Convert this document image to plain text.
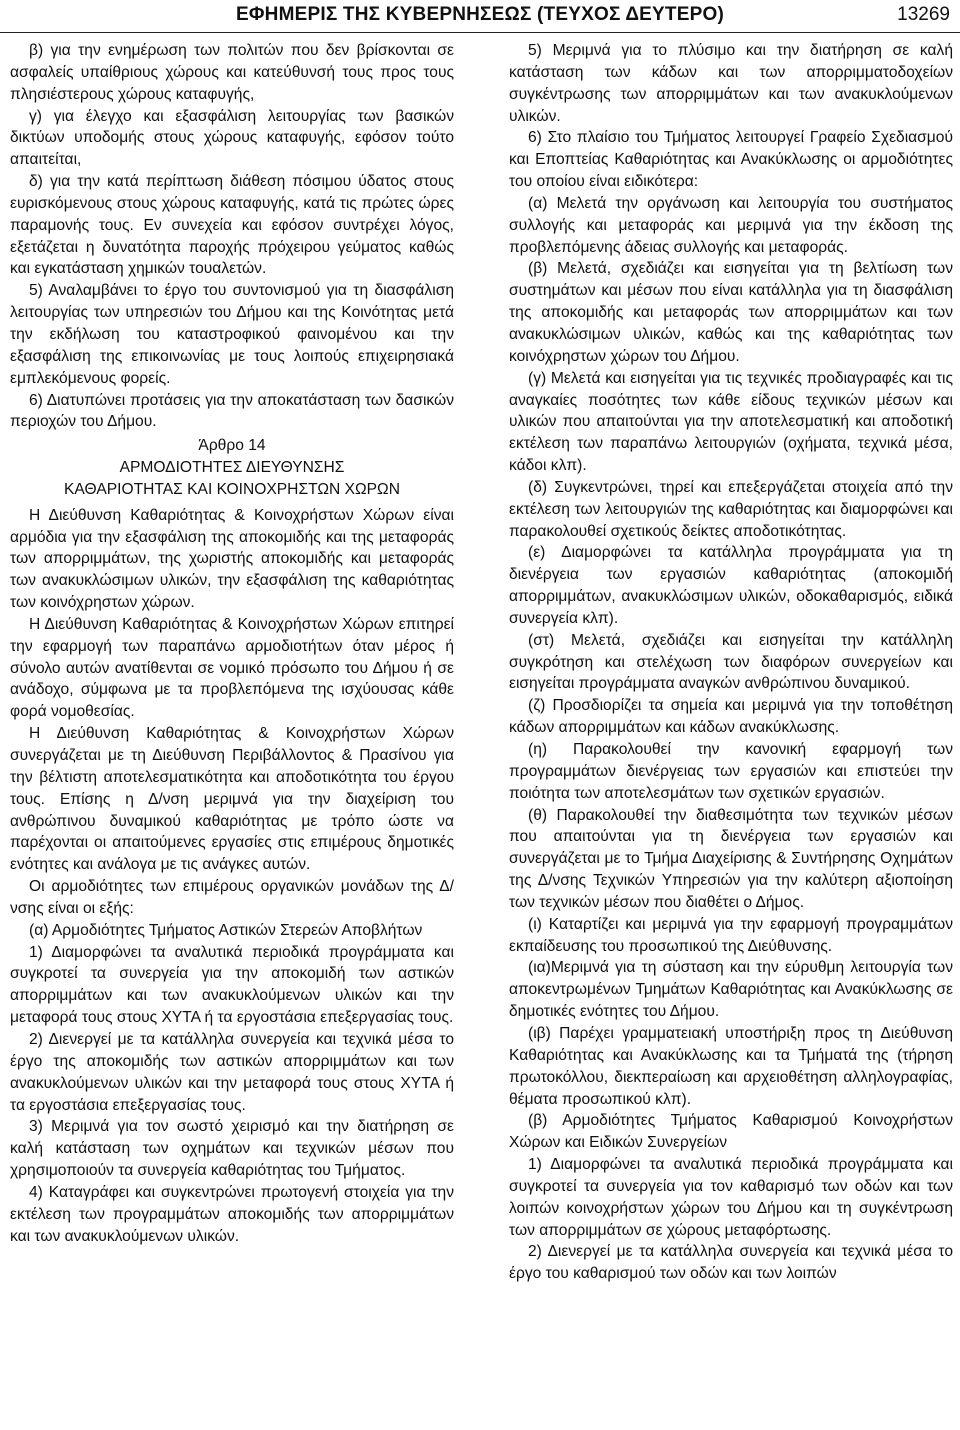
ΕΦΗΜΕΡΙΣ ΤΗΣ ΚΥΒΕΡΝΗΣΕΩΣ (ΤΕΥΧΟΣ ΔΕΥΤΕΡΟ)	13269

β) για την ενημέρωση των πολιτών που δεν βρίσκονται σε ασφαλείς υπαίθριους χώρους και κατεύθυνσή τους προς τους πλησιέστερους χώρους καταφυγής,

γ) για έλεγχο και εξασφάλιση λειτουργίας των βασικών δικτύων υποδομής στους χώρους καταφυγής, εφόσον τούτο απαιτείται,

δ) για την κατά περίπτωση διάθεση πόσιμου ύδατος στους ευρισκόμενους στους χώρους καταφυγής, κατά τις πρώτες ώρες παραμονής τους. Εν συνεχεία και εφόσον συντρέχει λόγος, εξετάζεται η δυνατότητα παροχής πρόχειρου γεύματος καθώς και εγκατάσταση χημικών τουαλετών.

5) Αναλαμβάνει το έργο του συντονισμού για τη διασφάλιση λειτουργίας των υπηρεσιών του Δήμου και της Κοινότητας μετά την εκδήλωση του καταστροφικού φαινομένου και την εξασφάλιση της επικοινωνίας με τους λοιπούς επιχειρησιακά εμπλεκόμενους φορείς.

6) Διατυπώνει προτάσεις για την αποκατάσταση των δασικών περιοχών του Δήμου.

Άρθρο 14
ΑΡΜΟΔΙΟΤΗΤΕΣ ΔΙΕΥΘΥΝΣΗΣ
ΚΑΘΑΡΙΟΤΗΤΑΣ ΚΑΙ ΚΟΙΝΟΧΡΗΣΤΩΝ ΧΩΡΩΝ

Η Διεύθυνση Καθαριότητας & Κοινοχρήστων Χώρων είναι αρμόδια για την εξασφάλιση της αποκομιδής και της μεταφοράς των απορριμμάτων, της χωριστής αποκομιδής και μεταφοράς των ανακυκλώσιμων υλικών, την εξασφάλιση της καθαριότητας των κοινόχρηστων χώρων.

Η Διεύθυνση Καθαριότητας & Κοινοχρήστων Χώρων επιτηρεί την εφαρμογή των παραπάνω αρμοδιοτήτων όταν μέρος ή σύνολο αυτών ανατίθενται σε νομικό πρόσωπο του Δήμου ή σε ανάδοχο, σύμφωνα με τα προβλεπόμενα της ισχύουσας κάθε φορά νομοθεσίας.

Η Διεύθυνση Καθαριότητας & Κοινοχρήστων Χώρων συνεργάζεται με τη Διεύθυνση Περιβάλλοντος & Πρασίνου για την βέλτιστη αποτελεσματικότητα και αποδοτικότητα του έργου τους. Επίσης η Δ/νση μεριμνά για την διαχείριση του ανθρώπινου δυναμικού καθαριότητας με τρόπο ώστε να παρέχονται οι απαιτούμενες εργασίες στις επιμέρους δημοτικές ενότητες και ανάλογα με τις ανάγκες αυτών.

Οι αρμοδιότητες των επιμέρους οργανικών μονάδων της Δ/νσης είναι οι εξής:

(α) Αρμοδιότητες Τμήματος Αστικών Στερεών Αποβλήτων

1) Διαμορφώνει τα αναλυτικά περιοδικά προγράμματα και συγκροτεί τα συνεργεία για την αποκομιδή των αστικών απορριμμάτων και των ανακυκλούμενων υλικών και την μεταφορά τους στους ΧΥΤΑ ή τα εργοστάσια επεξεργασίας τους.

2) Διενεργεί με τα κατάλληλα συνεργεία και τεχνικά μέσα το έργο της αποκομιδής των αστικών απορριμμάτων και των ανακυκλούμενων υλικών και την μεταφορά τους στους ΧΥΤΑ ή τα εργοστάσια επεξεργασίας τους.

3) Μεριμνά για τον σωστό χειρισμό και την διατήρηση σε καλή κατάσταση των οχημάτων και τεχνικών μέσων που χρησιμοποιούν τα συνεργεία καθαριότητας του Τμήματος.

4) Καταγράφει και συγκεντρώνει πρωτογενή στοιχεία για την εκτέλεση των προγραμμάτων αποκομιδής των απορριμμάτων και των ανακυκλούμενων υλικών.

5) Μεριμνά για το πλύσιμο και την διατήρηση σε καλή κατάσταση των κάδων και των απορριμματοδοχείων συγκέντρωσης των απορριμμάτων και των ανακυκλούμενων υλικών.

6) Στο πλαίσιο του Τμήματος λειτουργεί Γραφείο Σχεδιασμού και Εποπτείας Καθαριότητας και Ανακύκλωσης οι αρμοδιότητες του οποίου είναι ειδικότερα:

(α) Μελετά την οργάνωση και λειτουργία του συστήματος συλλογής και μεταφοράς και μεριμνά για την έκδοση της προβλεπόμενης άδειας συλλογής και μεταφοράς.

(β) Μελετά, σχεδιάζει και εισηγείται για τη βελτίωση των συστημάτων και μέσων που είναι κατάλληλα για τη διασφάλιση της αποκομιδής και μεταφοράς των απορριμμάτων και των ανακυκλώσιμων υλικών, καθώς και της καθαριότητας των κοινόχρηστων χώρων του Δήμου.

(γ) Μελετά και εισηγείται για τις τεχνικές προδιαγραφές και τις αναγκαίες ποσότητες των κάθε είδους τεχνικών μέσων και υλικών που απαιτούνται για την αποτελεσματική και αποδοτική εκτέλεση των παραπάνω λειτουργιών (οχήματα, τεχνικά μέσα, κάδοι κλπ).

(δ) Συγκεντρώνει, τηρεί και επεξεργάζεται στοιχεία από την εκτέλεση των λειτουργιών της καθαριότητας και διαμορφώνει και παρακολουθεί σχετικούς δείκτες αποδοτικότητας.

(ε) Διαμορφώνει τα κατάλληλα προγράμματα για τη διενέργεια των εργασιών καθαριότητας (αποκομιδή απορριμμάτων, ανακυκλώσιμων υλικών, οδοκαθαρισμός, ειδικά συνεργεία κλπ).

(στ) Μελετά, σχεδιάζει και εισηγείται την κατάλληλη συγκρότηση και στελέχωση των διαφόρων συνεργείων και εισηγείται προγράμματα αναγκών ανθρώπινου δυναμικού.

(ζ) Προσδιορίζει τα σημεία και μεριμνά για την τοποθέτηση κάδων απορριμμάτων και κάδων ανακύκλωσης.

(η) Παρακολουθεί την κανονική εφαρμογή των προγραμμάτων διενέργειας των εργασιών και επιστεύει την ποιότητα των αποτελεσμάτων των σχετικών εργασιών.

(θ) Παρακολουθεί την διαθεσιμότητα των τεχνικών μέσων που απαιτούνται για τη διενέργεια των εργασιών και συνεργάζεται με το Τμήμα Διαχείρισης & Συντήρησης Οχημάτων της Δ/νσης Τεχνικών Υπηρεσιών για την καλύτερη αξιοποίηση των τεχνικών μέσων που διαθέτει ο Δήμος.

(ι) Καταρτίζει και μεριμνά για την εφαρμογή προγραμμάτων εκπαίδευσης του προσωπικού της Διεύθυνσης.

(ια)Μεριμνά για τη σύσταση και την εύρυθμη λειτουργία των αποκεντρωμένων Τμημάτων Καθαριότητας και Ανακύκλωσης σε δημοτικές ενότητες του Δήμου.

(ιβ) Παρέχει γραμματειακή υποστήριξη προς τη Διεύθυνση Καθαριότητας και Ανακύκλωσης και τα Τμήματά της (τήρηση πρωτοκόλλου, διεκπεραίωση και αρχειοθέτηση αλληλογραφίας, θέματα προσωπικού κλπ).

(β) Αρμοδιότητες Τμήματος Καθαρισμού Κοινοχρήστων Χώρων και Ειδικών Συνεργείων

1) Διαμορφώνει τα αναλυτικά περιοδικά προγράμματα και συγκροτεί τα συνεργεία για τον καθαρισμό των οδών και των λοιπών κοινοχρήστων χώρων του Δήμου και τη συγκέντρωση των απορριμμάτων σε χώρους μεταφόρτωσης.

2) Διενεργεί με τα κατάλληλα συνεργεία και τεχνικά μέσα το έργο του καθαρισμού των οδών και των λοιπών
